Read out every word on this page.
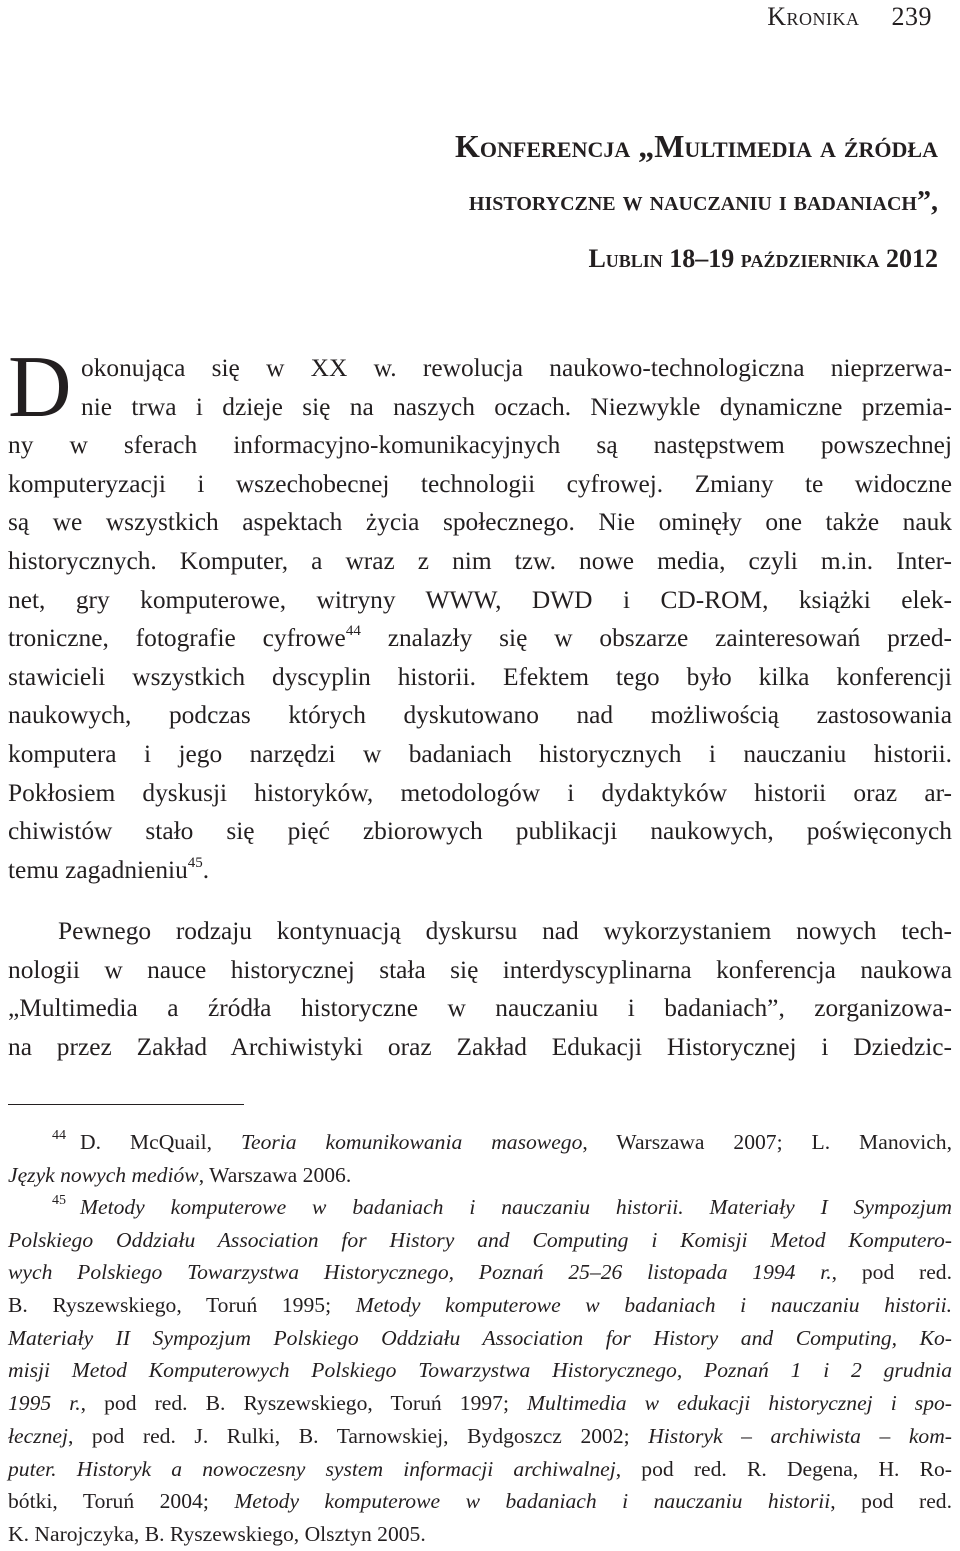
Kronika 239
Konferencja „Multimedia a źródła
historyczne w nauczaniu i badaniach”,
Lublin 18–19 października 2012
D okonująca się w XX w. rewolucja naukowo-technologiczna nieprzerwa-
nie trwa i dzieje się na naszych oczach. Niezwykle dynamiczne przemia-
ny w sferach informacyjno-komunikacyjnych są następstwem powszechnej
komputeryzacji i wszechobecnej technologii cyfrowej. Zmiany te widoczne
są we wszystkich aspektach życia społecznego. Nie ominęły one także nauk
historycznych. Komputer, a wraz z nim tzw. nowe media, czyli m.in. Inter-
net, gry komputerowe, witryny WWW, DWD i CD-ROM, książki elek-
troniczne, fotografie cyfrowe$^{44}$ znalazły się w obszarze zainteresowań przed-
stawicieli wszystkich dyscyplin historii. Efektem tego było kilka konferencji
naukowych, podczas których dyskutowano nad możliwością zastosowania
komputera i jego narzędzi w badaniach historycznych i nauczaniu historii.
Pokłosiem dyskusji historyków, metodologów i dydaktyków historii oraz ar-
chiwistów stało się pięć zbiorowych publikacji naukowych, poświęconych
temu zagadnieniu$^{45}$.
Pewnego rodzaju kontynuacją dyskursu nad wykorzystaniem nowych tech-
nologii w nauce historycznej stała się interdyscyplinarna konferencja naukowa
„Multimedia a źródła historyczne w nauczaniu i badaniach”, zorganizowa-
na przez Zakład Archiwistyki oraz Zakład Edukacji Historycznej i Dziedzic-
$^{44}$ D. McQuail, Teoria komunikowania masowego, Warszawa 2007; L. Manovich,
Język nowych mediów, Warszawa 2006.
$^{45}$ Metody komputerowe w badaniach i nauczaniu historii. Materiały I Sympozjum
Polskiego Oddziału Association for History and Computing i Komisji Metod Komputero-
wych Polskiego Towarzystwa Historycznego, Poznań 25–26 listopada 1994 r., pod red.
B. Ryszewskiego, Toruń 1995; Metody komputerowe w badaniach i nauczaniu historii.
Materiały II Sympozjum Polskiego Oddziału Association for History and Computing, Ko-
misji Metod Komputerowych Polskiego Towarzystwa Historycznego, Poznań 1 i 2 grudnia
1995 r., pod red. B. Ryszewskiego, Toruń 1997; Multimedia w edukacji historycznej i spo-
łecznej, pod red. J. Rulki, B. Tarnowskiej, Bydgoszcz 2002; Historyk – archiwista – kom-
puter. Historyk a nowoczesny system informacji archiwalnej, pod red. R. Degena, H. Ro-
bótki, Toruń 2004; Metody komputerowe w badaniach i nauczaniu historii, pod red.
K. Narojczyka, B. Ryszewskiego, Olsztyn 2005.
